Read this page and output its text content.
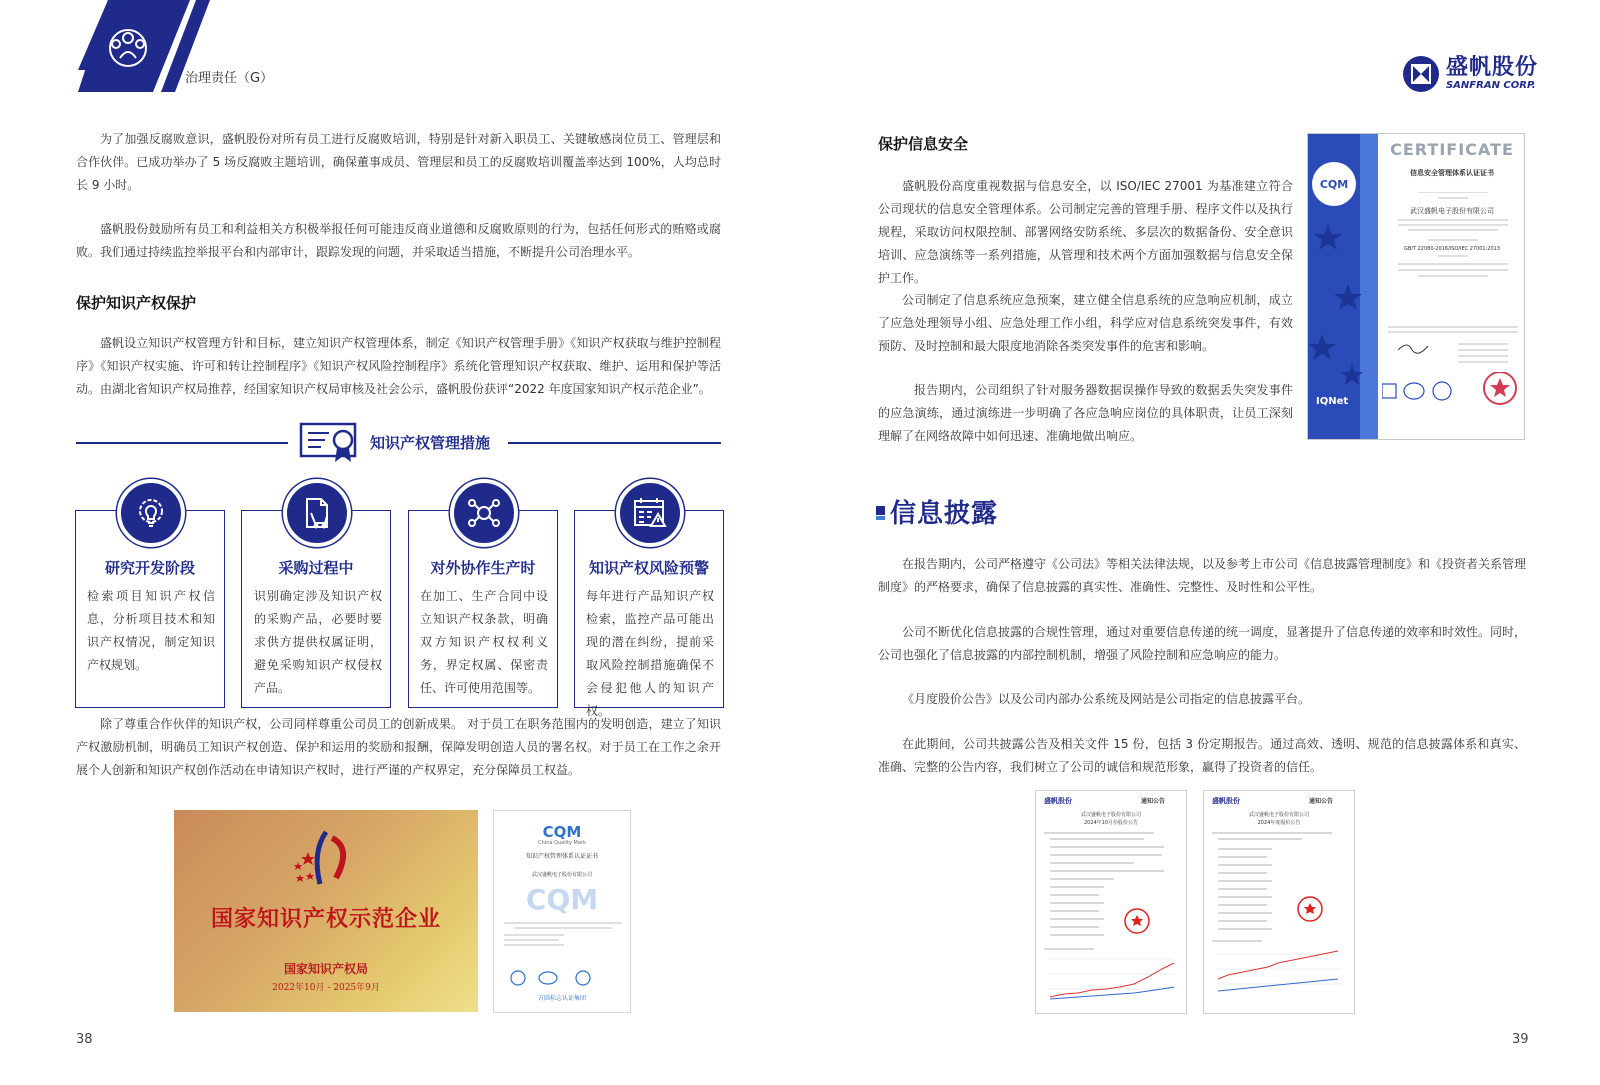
治理责任（G）	盛帆股份
SANFRAN CORP.

为了加强反腐败意识，盛帆股份对所有员工进行反腐败培训，特别是针对新入职员工、关键敏感岗位员工、管理层和合作伙伴。已成功举办了 5 场反腐败主题培训，确保董事成员、管理层和员工的反腐败培训覆盖率达到 100%，人均总时长 9 小时。

盛帆股份鼓励所有员工和利益相关方积极举报任何可能违反商业道德和反腐败原则的行为，包括任何形式的贿赂或腐败。我们通过持续监控举报平台和内部审计，跟踪发现的问题，并采取适当措施，不断提升公司治理水平。

保护知识产权保护

盛帆设立知识产权管理方针和目标，建立知识产权管理体系，制定《知识产权管理手册》《知识产权获取与维护控制程序》《知识产权实施、许可和转让控制程序》《知识产权风险控制程序》系统化管理知识产权获取、维护、运用和保护等活动。由湖北省知识产权局推荐，经国家知识产权局审核及社会公示，盛帆股份获评“2022 年度国家知识产权示范企业”。

知识产权管理措施
研究开发阶段	采购过程中	对外协作生产时	知识产权风险预警

检索项目知识产权信息，分析项目技术和知识产权情况，制定知识产权规划。

识别确定涉及知识产权的采购产品，必要时要求供方提供权属证明，避免采购知识产权侵权产品。

在加工、生产合同中设立知识产权条款，明确双方知识产权权利义务，界定权属、保密责任、许可使用范围等。

每年进行产品知识产权检索，监控产品可能出现的潜在纠纷，提前采取风险控制措施确保不会侵犯他人的知识产权。

除了尊重合作伙伴的知识产权，公司同样尊重公司员工的创新成果。 对于员工在职务范围内的发明创造，建立了知识产权激励机制，明确员工知识产权创造、保护和运用的奖励和报酬，保障发明创造人员的署名权。对于员工在工作之余开展个人创新和知识产权创作活动在申请知识产权时，进行严谨的产权界定，充分保障员工权益。

国家知识产权示范企业
国家知识产权局
2022年10月 - 2025年9月
CQM
China Quality Mark
知识产权管理体系认证证书
武汉盛帆电子股份有限公司
CQM
方圆标志认证集团
38
保护信息安全

盛帆股份高度重视数据与信息安全，以 ISO/IEC 27001 为基准建立符合公司现状的信息安全管理体系。公司制定完善的管理手册、程序文件以及执行规程，采取访问权限控制、部署网络安防系统、多层次的数据备份、安全意识培训、应急演练等一系列措施，从管理和技术两个方面加强数据与信息安全保护工作。

公司制定了信息系统应急预案，建立健全信息系统的应急响应机制，成立了应急处理领导小组、应急处理工作小组，科学应对信息系统突发事件，有效预防、及时控制和最大限度地消除各类突发事件的危害和影响。

报告期内，公司组织了针对服务器数据误操作导致的数据丢失突发事件的应急演练，通过演练进一步明确了各应急响应岗位的具体职责，让员工深刻理解了在网络故障中如何迅速、准确地做出响应。

CQM
CERTIFICATE
信息安全管理体系认证证书
武汉盛帆电子股份有限公司
GB/T 22080-2016/ISO/IEC 27001:2013
IQNet
信息披露

在报告期内，公司严格遵守《公司法》等相关法律法规，以及参考上市公司《信息披露管理制度》和《投资者关系管理制度》的严格要求，确保了信息披露的真实性、准确性、完整性、及时性和公平性。

公司不断优化信息披露的合规性管理，通过对重要信息传递的统一调度，显著提升了信息传递的效率和时效性。同时，公司也强化了信息披露的内部控制机制，增强了风险控制和应急响应的能力。

《月度股价公告》以及公司内部办公系统及网站是公司指定的信息披露平台。

在此期间，公司共披露公告及相关文件 15 份，包括 3 份定期报告。通过高效、透明、规范的信息披露体系和真实、准确、完整的公告内容，我们树立了公司的诚信和规范形象，赢得了投资者的信任。

盛帆股份	通知公告
武汉盛帆电子股份有限公司
2024年10月份股价公告
盛帆股份	通知公告
武汉盛帆电子股份有限公司
2024年度股价公告
39
